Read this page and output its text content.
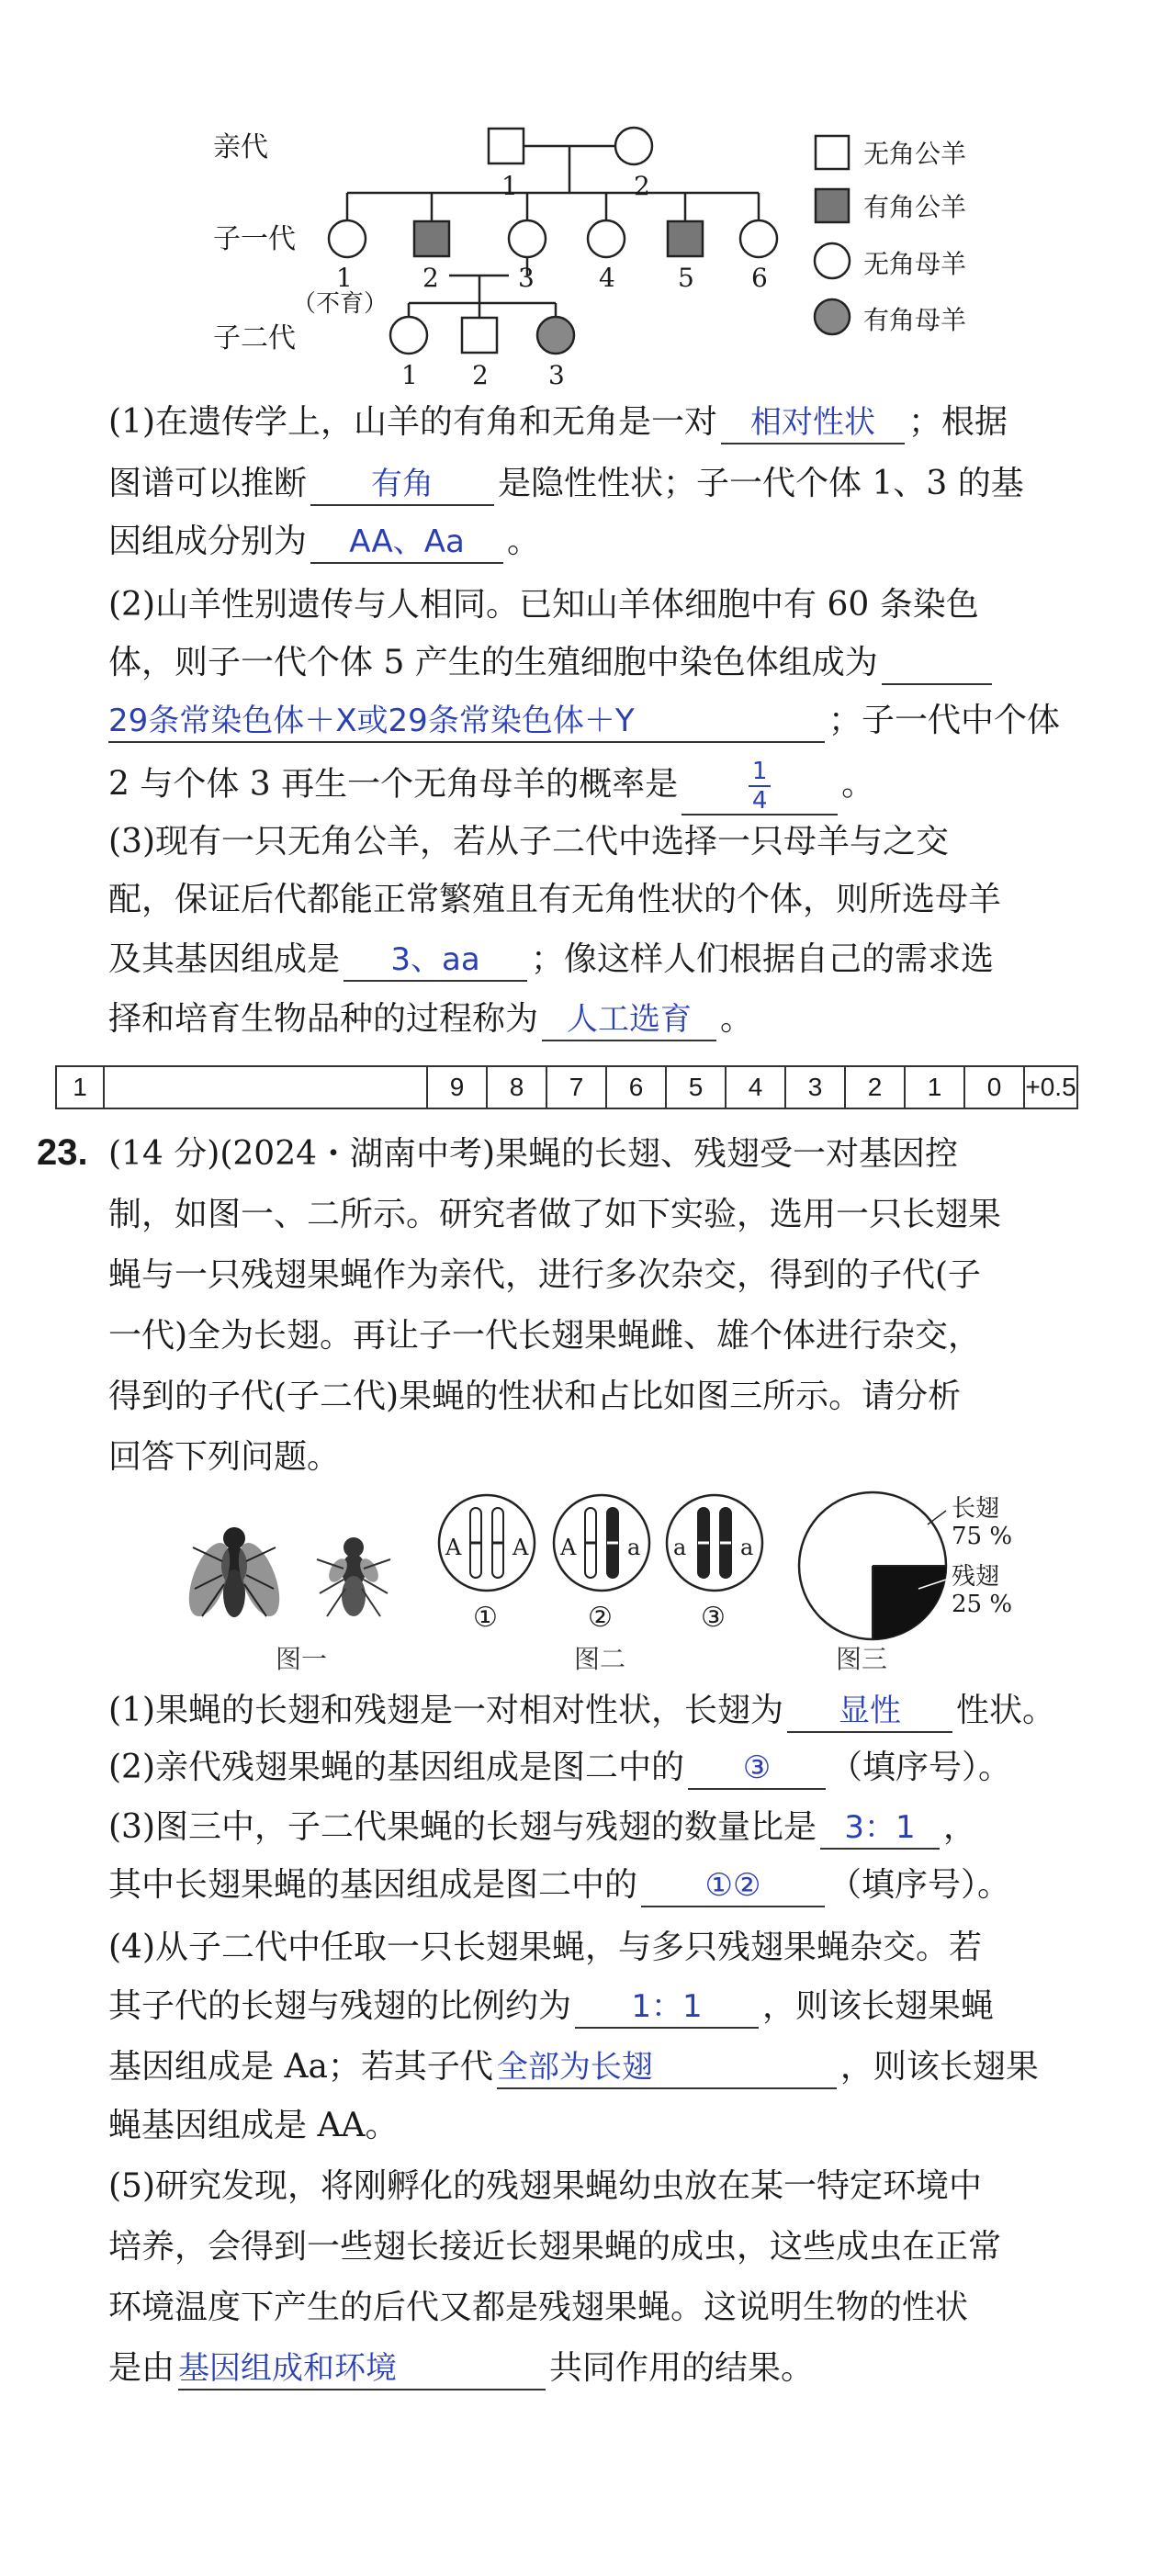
亲代
子一代
子二代
1	2
1	2	3	4 5 6
（不育）
1 2 3
无角公羊
有角公羊
无角母羊
有角母羊
(1)在遗传学上，山羊的有角和无角是一对 相对性状 ；根据
图谱可以推断 有角 是隐性性状；子一代个体 1、3 的基
因组成分别为 AA、Aa 。
(2)山羊性别遗传与人相同。已知山羊体细胞中有 60 条染色
体，则子一代个体 5 产生的生殖细胞中染色体组成为
29条常染色体＋X或29条常染色体＋Y	；子一代中个体
2 与个体 3 再生一个无角母羊的概率是	$\frac{1}{4}$ 。
(3)现有一只无角公羊，若从子二代中选择一只母羊与之交
配，保证后代都能正常繁殖且有无角性状的个体，则所选母羊
及其基因组成是 3、aa ；像这样人们根据自己的需求选
择和培育生物品种的过程称为 人工选育 。
1	9	8	7	6	5	4	3	2	1	0 +0.5
23. (14 分)(2024・湖南中考)果蝇的长翅、残翅受一对基因控
制，如图一、二所示。研究者做了如下实验，选用一只长翅果
蝇与一只残翅果蝇作为亲代，进行多次杂交，得到的子代(子
一代)全为长翅。再让子一代长翅果蝇雌、雄个体进行杂交，
得到的子代(子二代)果蝇的性状和占比如图三所示。请分析
回答下列问题。
A A A a a a
①	②	③
长翅
75 %
残翅
25 %
图一	图二	图三
(1)果蝇的长翅和残翅是一对相对性状，长翅为 显性 性状。
(2)亲代残翅果蝇的基因组成是图二中的 ③ （填序号）。
(3)图三中，子二代果蝇的长翅与残翅的数量比是 3：1 ，
其中长翅果蝇的基因组成是图二中的 ①② （填序号）。
(4)从子二代中任取一只长翅果蝇，与多只残翅果蝇杂交。若
其子代的长翅与残翅的比例约为 1：1 ，则该长翅果蝇
基因组成是 Aa；若其子代 全部为长翅	，则该长翅果
蝇基因组成是 AA。
(5)研究发现，将刚孵化的残翅果蝇幼虫放在某一特定环境中
培养，会得到一些翅长接近长翅果蝇的成虫，这些成虫在正常
环境温度下产生的后代又都是残翅果蝇。这说明生物的性状
是由 基因组成和环境	共同作用的结果。
